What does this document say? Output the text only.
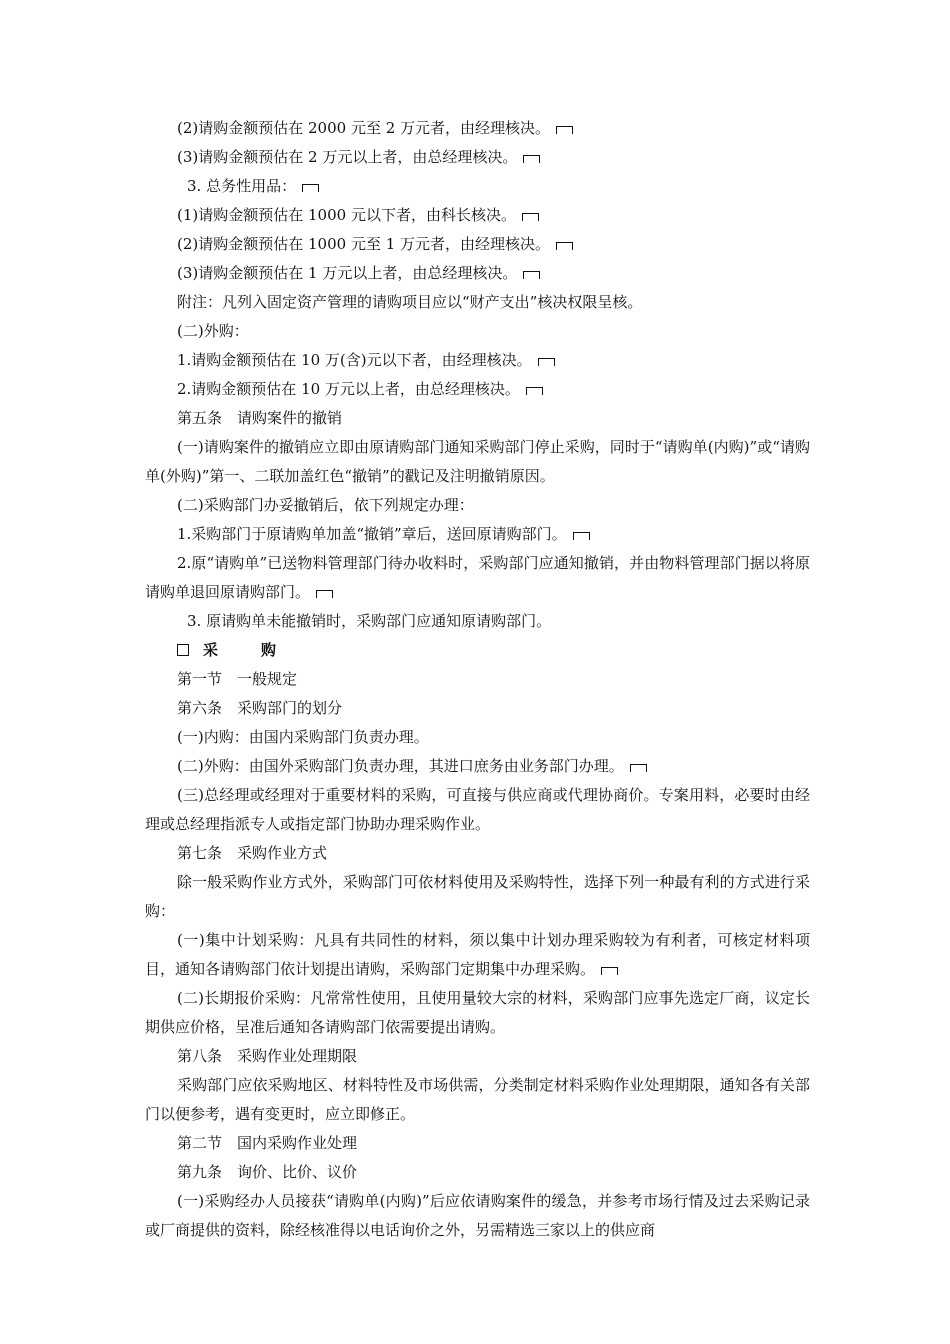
(2)请购金额预估在 2000 元至 2 万元者，由经理核决。

(3)请购金额预估在 2 万元以上者，由总经理核决。

3. 总务性用品：

(1)请购金额预估在 1000 元以下者，由科长核决。

(2)请购金额预估在 1000 元至 1 万元者，由经理核决。

(3)请购金额预估在 1 万元以上者，由总经理核决。

附注：凡列入固定资产管理的请购项目应以“财产支出”核决权限呈核。

(二)外购：

1.请购金额预估在 10 万(含)元以下者，由经理核决。

2.请购金额预估在 10 万元以上者，由总经理核决。

第五条　请购案件的撤销

(一)请购案件的撤销应立即由原请购部门通知采购部门停止采购，同时于“请购单(内购)”或“请购单(外购)”第一、二联加盖红色“撤销”的戳记及注明撤销原因。

(二)采购部门办妥撤销后，依下列规定办理：

1.采购部门于原请购单加盖“撤销”章后，送回原请购部门。

2.原“请购单”已送物料管理部门待办收料时，采购部门应通知撤销，并由物料管理部门据以将原请购单退回原请购部门。

3. 原请购单未能撤销时，采购部门应通知原请购部门。

采　购

第一节　一般规定

第六条　采购部门的划分

(一)内购：由国内采购部门负责办理。

(二)外购：由国外采购部门负责办理，其进口庶务由业务部门办理。

(三)总经理或经理对于重要材料的采购，可直接与供应商或代理协商价。专案用料，必要时由经理或总经理指派专人或指定部门协助办理采购作业。

第七条　采购作业方式

除一般采购作业方式外，采购部门可依材料使用及采购特性，选择下列一种最有利的方式进行采购：

(一)集中计划采购：凡具有共同性的材料，须以集中计划办理采购较为有利者，可核定材料项目，通知各请购部门依计划提出请购，采购部门定期集中办理采购。

(二)长期报价采购：凡常常性使用，且使用量较大宗的材料，采购部门应事先选定厂商，议定长期供应价格，呈准后通知各请购部门依需要提出请购。

第八条　采购作业处理期限

采购部门应依采购地区、材料特性及市场供需，分类制定材料采购作业处理期限，通知各有关部门以便参考，遇有变更时，应立即修正。

第二节　国内采购作业处理

第九条　询价、比价、议价

(一)采购经办人员接获“请购单(内购)”后应依请购案件的缓急，并参考市场行情及过去采购记录或厂商提供的资料，除经核准得以电话询价之外，另需精选三家以上的供应商
